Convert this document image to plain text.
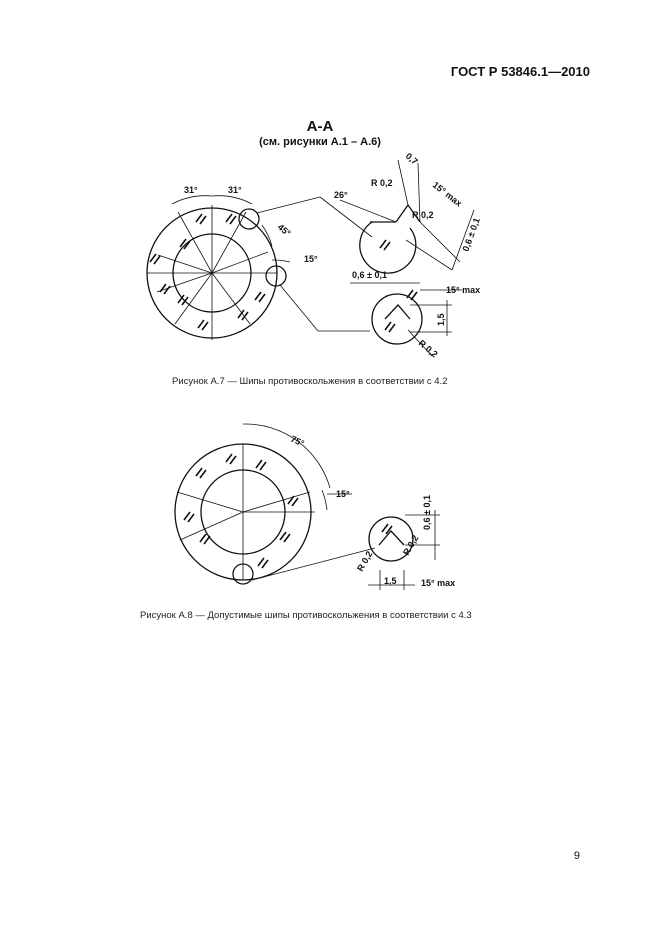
ГОСТ Р 53846.1—2010
А-А
(см. рисунки А.1 – А.6)
31°	31°
45°
15°
26°
R 0,2
R 0,2
0,7
15° max
0,6 ± 0,1
0,6 ± 0,1
15° max
1,5
R 0,2
Рисунок А.7 — Шипы противоскольжения в соответствии с 4.2
75°
15°
0,6 ± 0,1
R 0,2
R 0,2
1,5	15° max
Рисунок А.8 — Допустимые шипы противоскольжения в соответствии с 4.3
9
